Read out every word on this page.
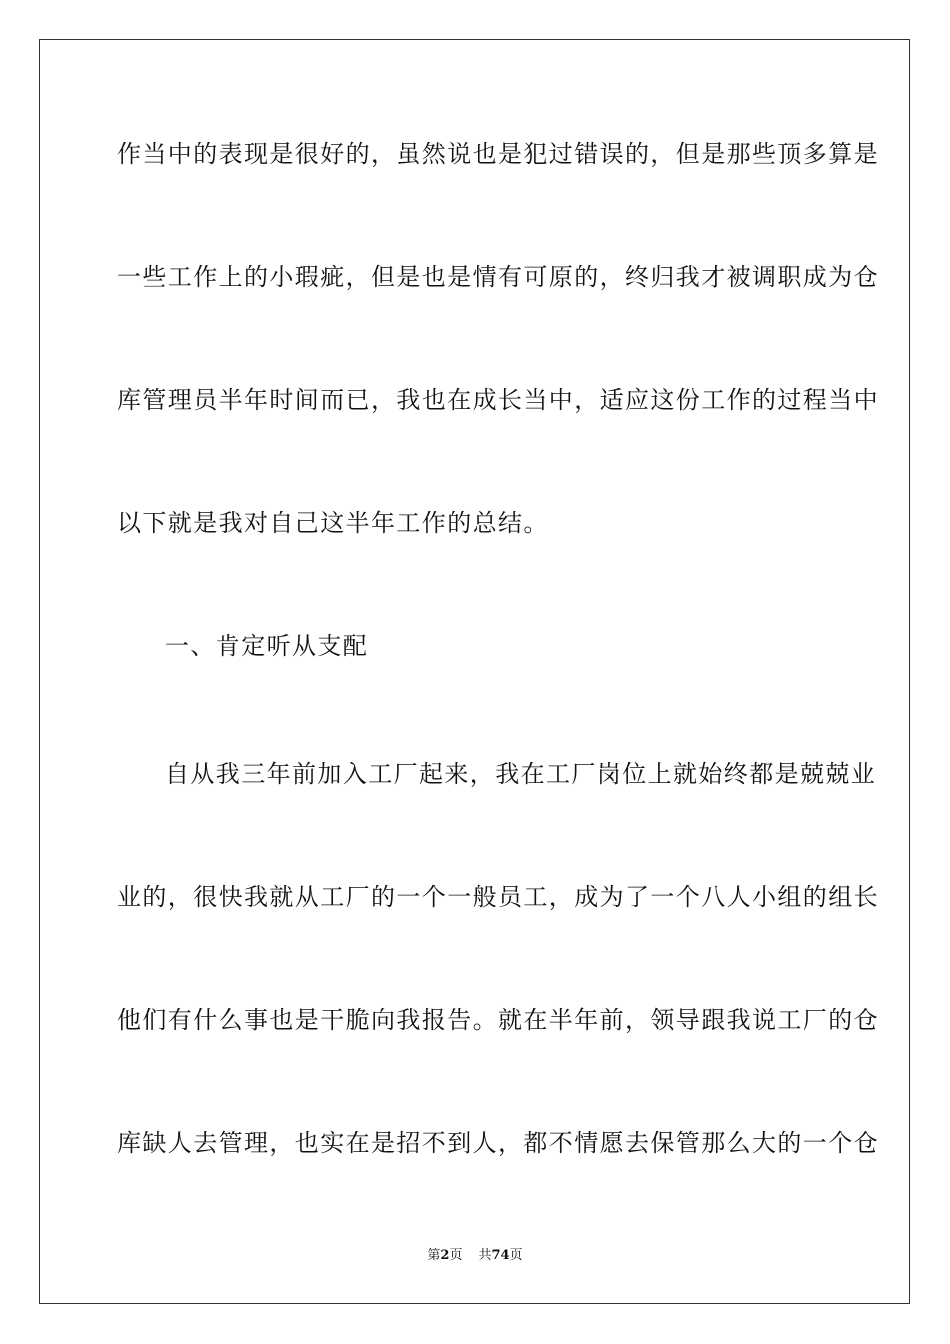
作当中的表现是很好的，虽然说也是犯过错误的，但是那些顶多算是
一些工作上的小瑕疵，但是也是情有可原的，终归我才被调职成为仓
库管理员半年时间而已，我也在成长当中，适应这份工作的过程当中
以下就是我对自己这半年工作的总结。
一、肯定听从支配
自从我三年前加入工厂起来，我在工厂岗位上就始终都是兢兢业
业的，很快我就从工厂的一个一般员工，成为了一个八人小组的组长
他们有什么事也是干脆向我报告。就在半年前，领导跟我说工厂的仓
库缺人去管理，也实在是招不到人，都不情愿去保管那么大的一个仓
第2页 共74页
